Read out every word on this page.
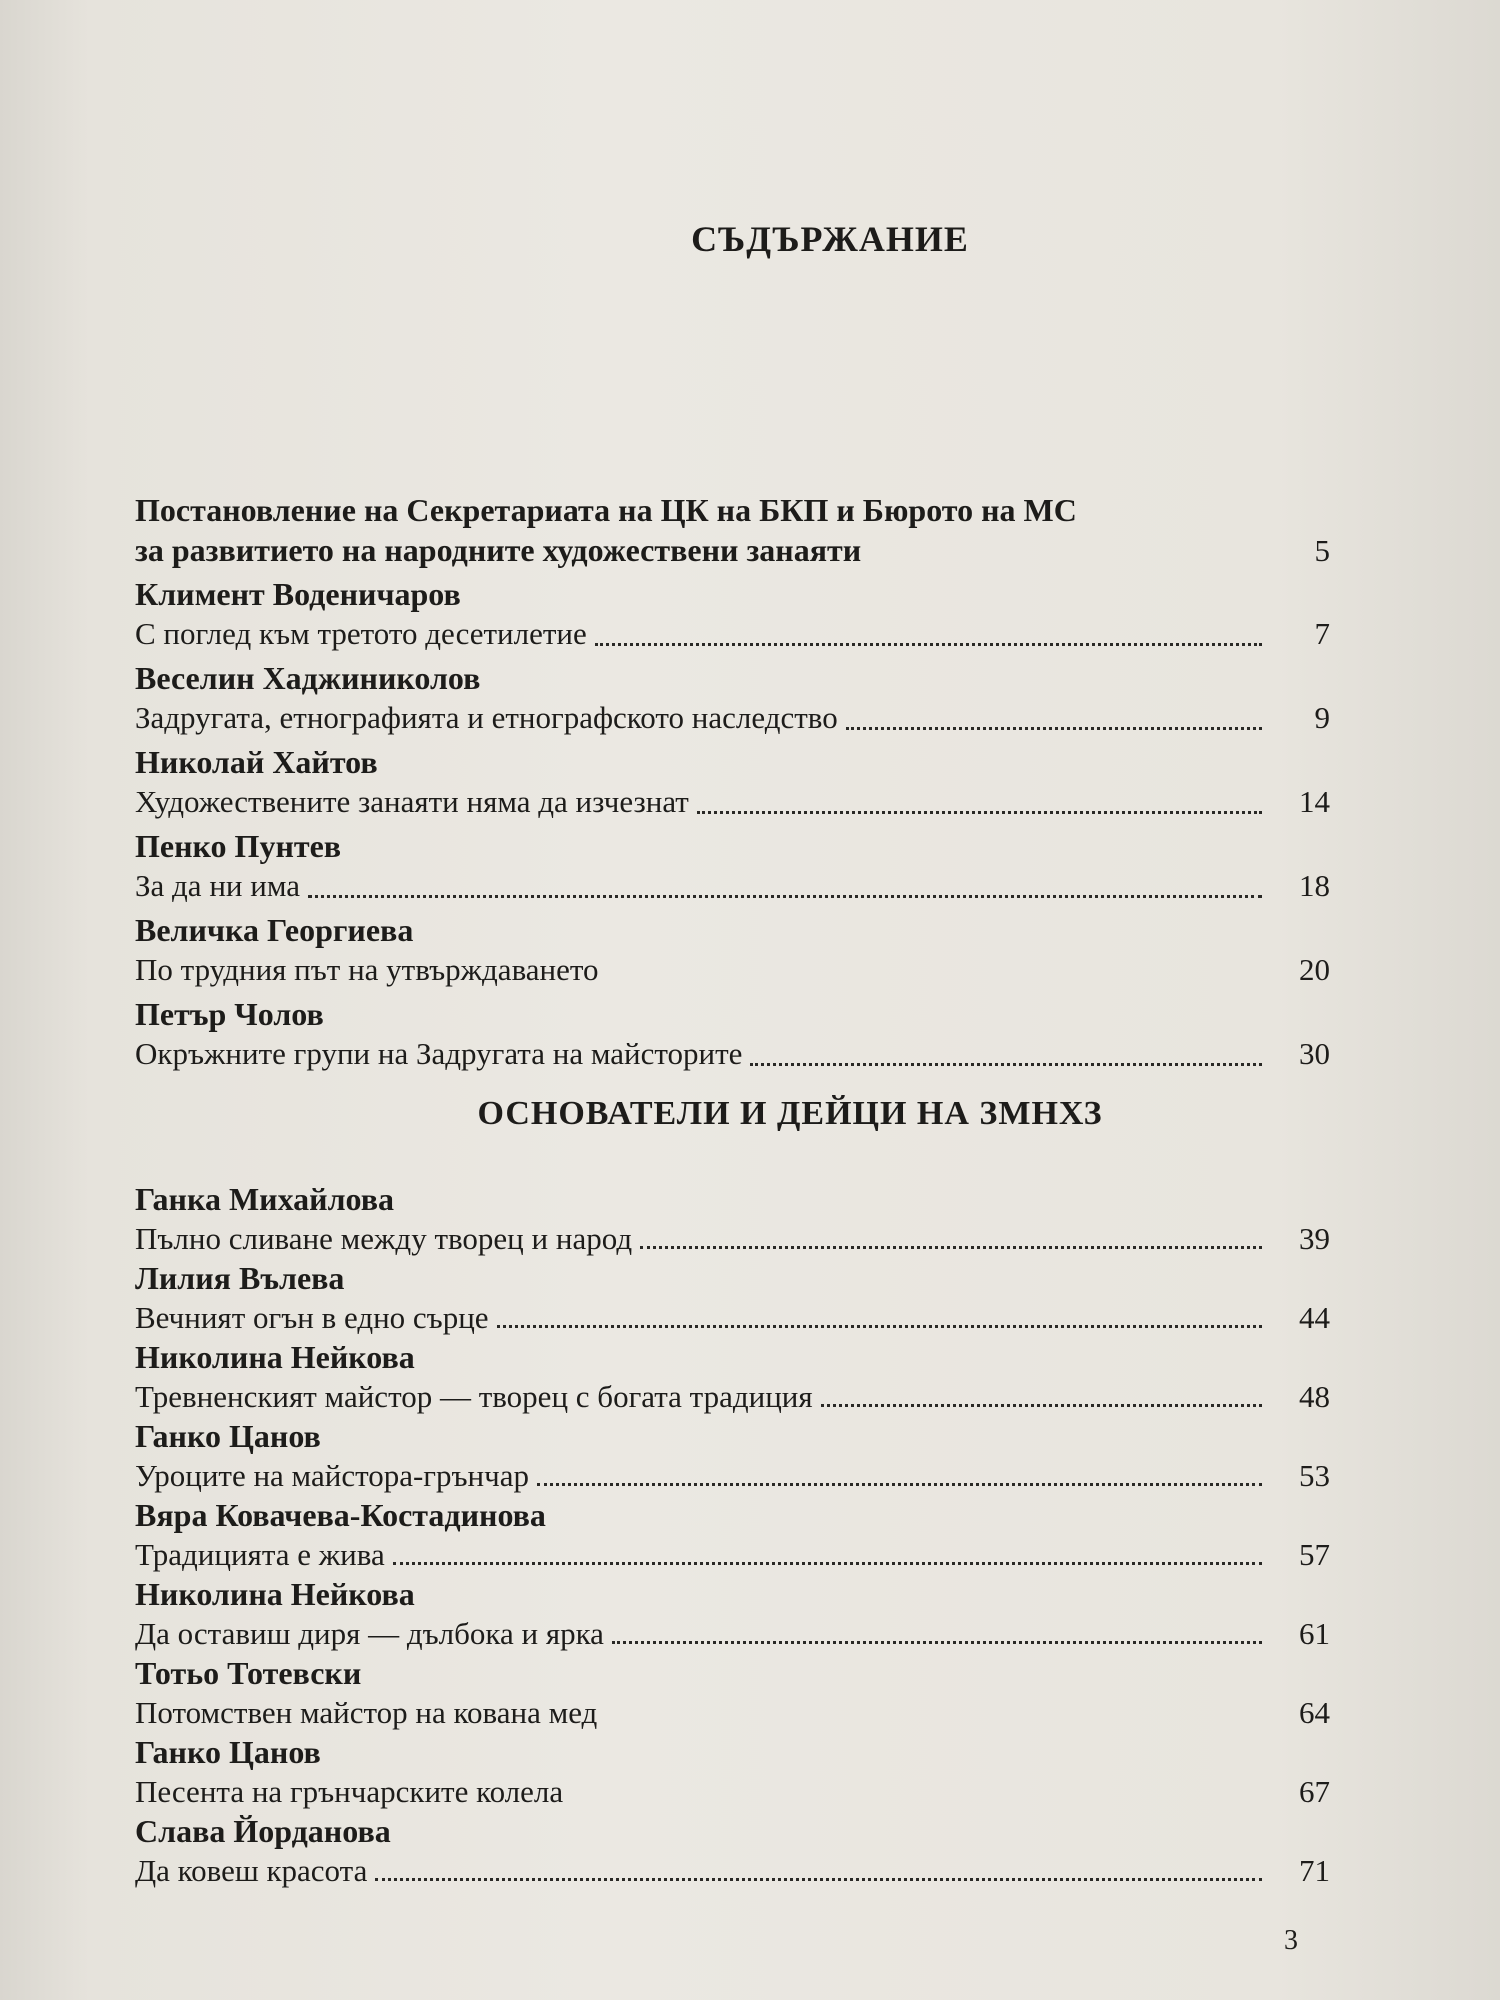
СЪДЪРЖАНИЕ
Постановление на Секретариата на ЦК на БКП и Бюрото на МС
за развитието на народните художествени занаяти	5
Климент Воденичаров
С поглед към третото десетилетие	7
Веселин Хаджиниколов
Задругата, етнографията и етнографското наследство	9
Николай Хайтов
Художествените занаяти няма да изчезнат	14
Пенко Пунтев
За да ни има	18
Величка Георгиева
По трудния път на утвърждаването	20
Петър Чолов
Окръжните групи на Задругата на майсторите	30
ОСНОВАТЕЛИ И ДЕЙЦИ НА ЗМНХЗ
Ганка Михайлова
Пълно сливане между творец и народ	39
Лилия Вълева
Вечният огън в едно сърце	44
Николина Нейкова
Тревненският майстор — творец с богата традиция	48
Ганко Цанов
Уроците на майстора-грънчар	53
Вяра Ковачева-Костадинова
Традицията е жива	57
Николина Нейкова
Да оставиш диря — дълбока и ярка	61
Тотьо Тотевски
Потомствен майстор на кована мед	64
Ганко Цанов
Песента на грънчарските колела	67
Слава Йорданова
Да ковеш красота	71
3
